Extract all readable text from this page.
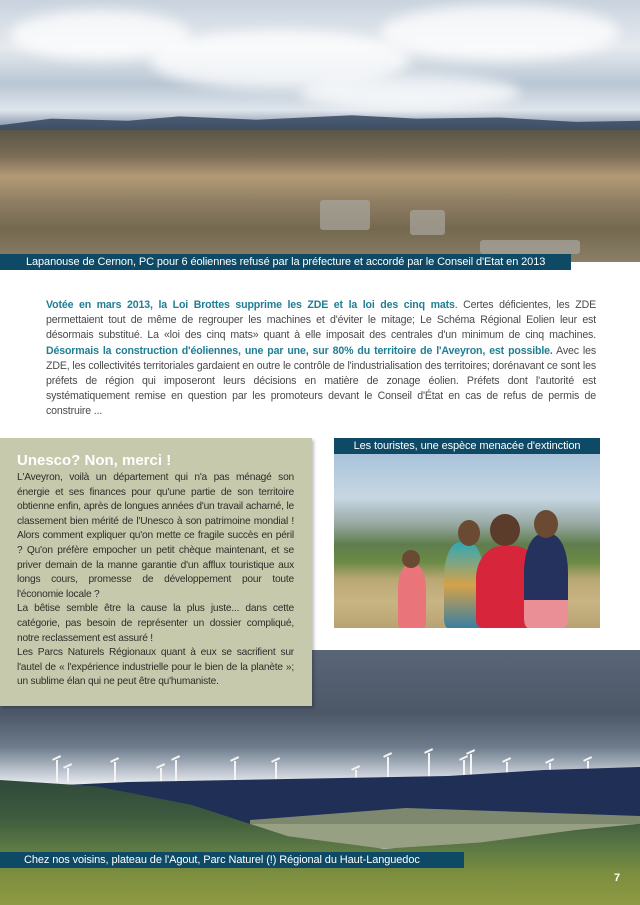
Lapanouse de Cernon, PC pour 6 éoliennes refusé par la préfecture et accordé par le Conseil d'Etat en 2013
Votée en mars 2013, la Loi Brottes supprime les ZDE et la loi des cinq mats. Certes déficientes, les ZDE permettaient tout de même de regrouper les machines et d'éviter le mitage; Le Schéma Régional Eolien leur est désormais substitué. La «loi des cinq mats» quant à elle imposait des centrales d'un minimum de cinq machines. Désormais la construction d'éoliennes, une par une, sur 80% du territoire de l'Aveyron, est possible. Avec les ZDE, les collectivités territoriales gardaient en outre le contrôle de l'industrialisation des territoires; dorénavant ce sont les préfets de région qui imposeront leurs décisions en matière de zonage éolien. Préfets dont l'autorité est systématiquement remise en question par les promoteurs devant le Conseil d'État en cas de refus de permis de construire ...
Unesco? Non, merci !

L'Aveyron, voilà un département qui n'a pas ménagé son énergie et ses finances pour qu'une partie de son territoire obtienne enfin, après de longues années d'un travail acharné, le classement bien mérité de l'Unesco à son patrimoine mondial ! Alors comment expliquer qu'on mette ce fragile succès en péril ? Qu'on préfère empocher un petit chèque maintenant, et se priver demain de la manne garantie d'un afflux touristique aux longs cours, promesse de développement pour toute l'économie locale ?

La bêtise semble être la cause la plus juste... dans cette catégorie, pas besoin de représenter un dossier compliqué, notre reclassement est assuré !

Les Parcs Naturels Régionaux quant à eux se sacrifient sur l'autel de « l'expérience industrielle pour le bien de la planète »; un sublime élan qui ne peut être qu'humaniste.

Les touristes, une espèce menacée d'extinction
Chez nos voisins, plateau de l'Agout, Parc Naturel (!) Régional du Haut-Languedoc
7
